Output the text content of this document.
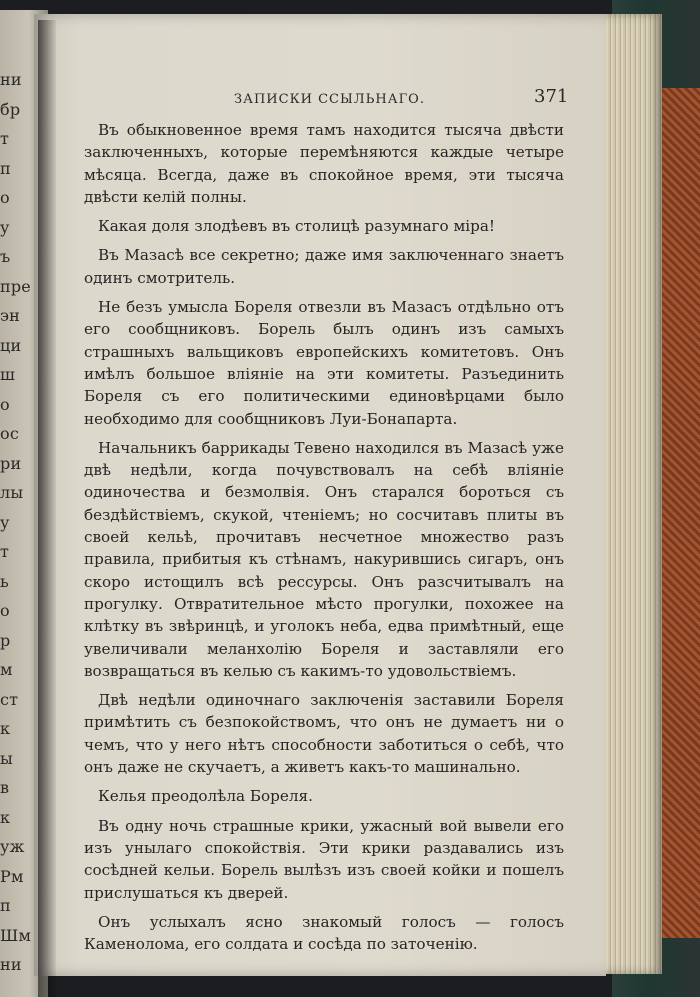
ни
бр
т
п
о
у
ъ
пре
эн
ци
ш
о
ос
ри
лы
у
т
ь
о
р
м
ст
к
ы
в
к
уж
Рм
п
Шм
ни
ЗАПИСКИ ССЫЛЬНАГО.	371

Въ обыкновенное время тамъ находится тысяча двѣсти заключенныхъ, которые перемѣняются каждые четыре мѣсяца. Всегда, даже въ спокойное время, эти тысяча двѣсти келій полны.

Какая доля злодѣевъ въ столицѣ разумнаго міра!

Въ Мазасѣ все секретно; даже имя заключеннаго знаетъ одинъ смотритель.

Не безъ умысла Бореля отвезли въ Мазасъ отдѣльно отъ его сообщниковъ. Борель былъ одинъ изъ самыхъ страшныхъ вальщиковъ европейскихъ комитетовъ. Онъ имѣлъ большое вліяніе на эти комитеты. Разъединить Бореля съ его политическими единовѣрцами было необходимо для сообщниковъ Луи-Бонапарта.

Начальникъ баррикады Тевено находился въ Мазасѣ уже двѣ недѣли, когда почувствовалъ на себѣ вліяніе одиночества и безмолвія. Онъ старался бороться съ бездѣйствіемъ, скукой, чтеніемъ; но сосчитавъ плиты въ своей кельѣ, прочитавъ несчетное множество разъ правила, прибитыя къ стѣнамъ, накурившись сигаръ, онъ скоро истощилъ всѣ рессурсы. Онъ разсчитывалъ на прогулку. Отвратительное мѣсто прогулки, похожее на клѣтку въ звѣринцѣ, и уголокъ неба, едва примѣтный, еще увеличивали меланхолію Бореля и заставляли его возвращаться въ келью съ какимъ-то удовольствіемъ.

Двѣ недѣли одиночнаго заключенія заставили Бореля примѣтить съ безпокойствомъ, что онъ не думаетъ ни о чемъ, что у него нѣтъ способности заботиться о себѣ, что онъ даже не скучаетъ, а живетъ какъ-то машинально.

Келья преодолѣла Бореля.

Въ одну ночь страшные крики, ужасный вой вывели его изъ унылаго спокойствія. Эти крики раздавались изъ сосѣдней кельи. Борель вылѣзъ изъ своей койки и пошелъ прислушаться къ дверей.

Онъ услыхалъ ясно знакомый голосъ — голосъ Каменолома, его солдата и сосѣда по заточенію.
